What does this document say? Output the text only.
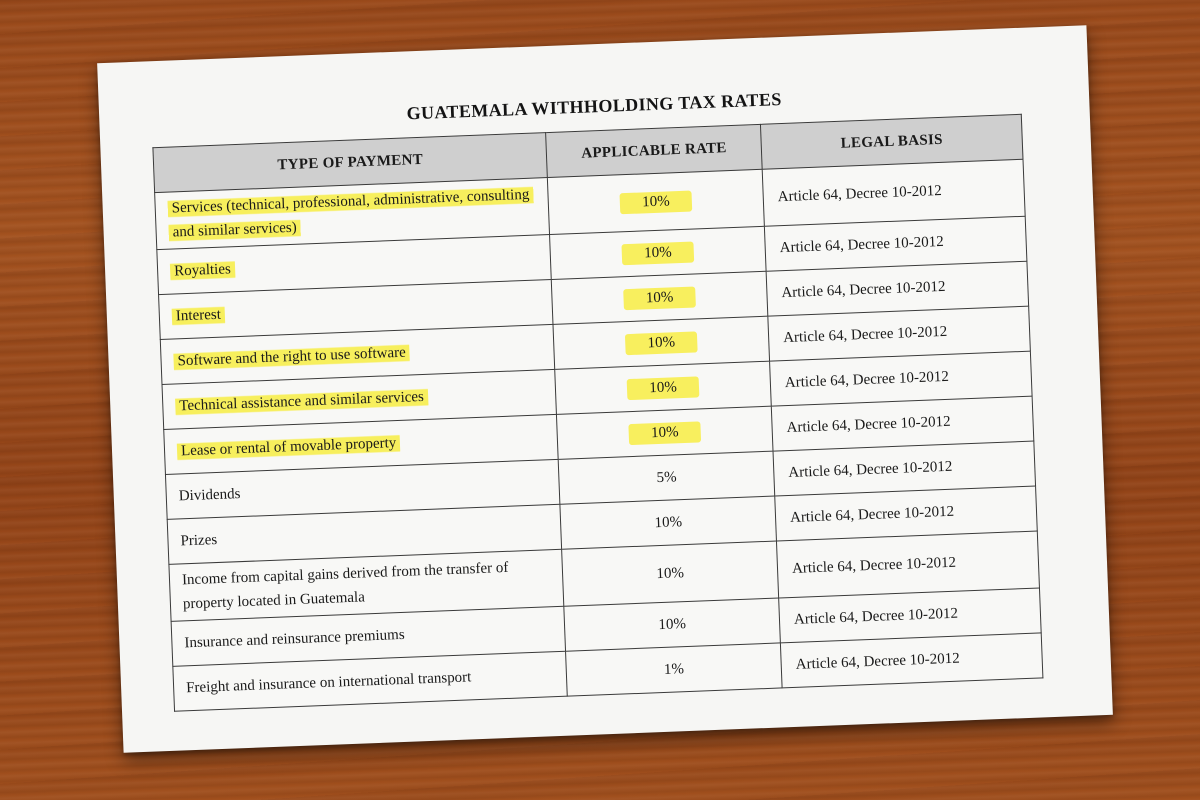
GUATEMALA WITHHOLDING TAX RATES
TYPE OF PAYMENT	APPLICABLE RATE	LEGAL BASIS
Services (technical, professional, administrative, consulting and similar services)	10%	Article 64, Decree 10-2012
Royalties	10%	Article 64, Decree 10-2012
Interest	10%	Article 64, Decree 10-2012
Software and the right to use software	10%	Article 64, Decree 10-2012
Technical assistance and similar services	10%	Article 64, Decree 10-2012
Lease or rental of movable property	10%	Article 64, Decree 10-2012
Dividends	5%	Article 64, Decree 10-2012
Prizes	10%	Article 64, Decree 10-2012
Income from capital gains derived from the transfer of property located in Guatemala	10%	Article 64, Decree 10-2012
Insurance and reinsurance premiums	10%	Article 64, Decree 10-2012
Freight and insurance on international transport	1%	Article 64, Decree 10-2012
